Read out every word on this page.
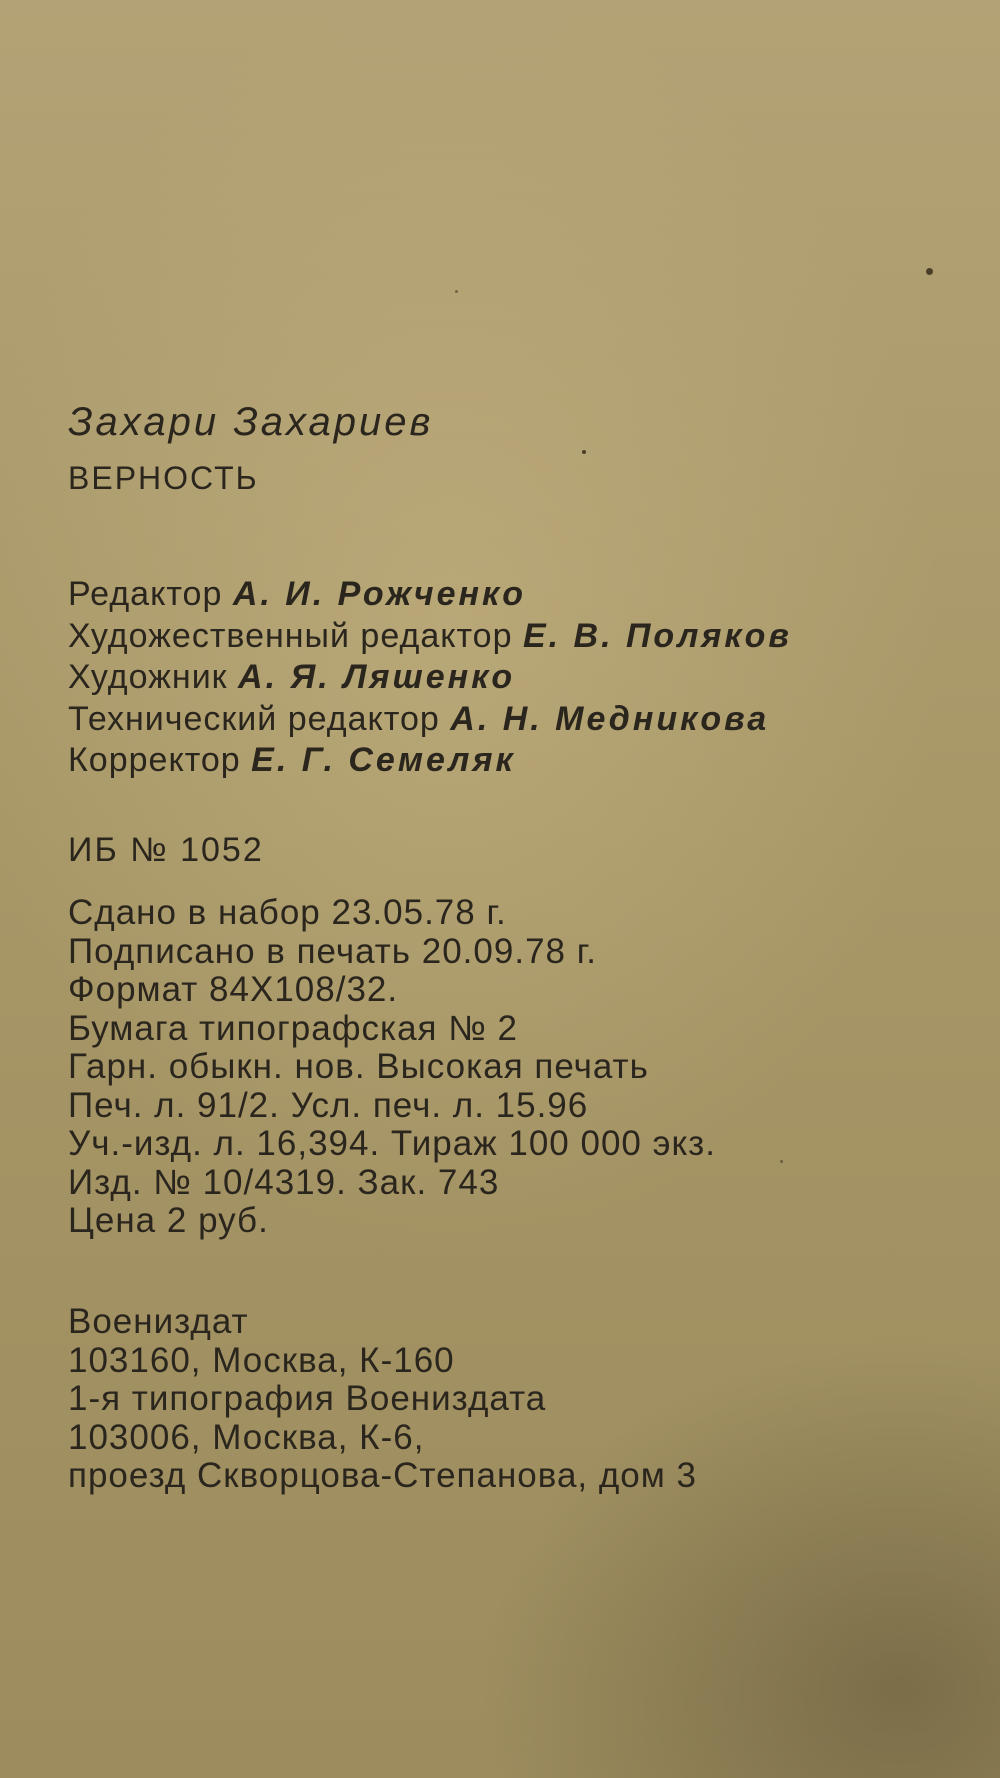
Захари Захариев
ВЕРНОСТЬ
Редактор А. И. Рожченко
Художественный редактор Е. В. Поляков
Художник А. Я. Ляшенко
Технический редактор А. Н. Медникова
Корректор Е. Г. Семеляк
ИБ № 1052
Сдано в набор 23.05.78 г.
Подписано в печать 20.09.78 г.
Формат 84X108/32.
Бумага типографская № 2
Гарн. обыкн. нов. Высокая печать
Печ. л. 91/2. Усл. печ. л. 15.96
Уч.-изд. л. 16,394. Тираж 100 000 экз.
Изд. № 10/4319. Зак. 743
Цена 2 руб.
Воениздат
103160, Москва, К-160
1-я типография Воениздата
103006, Москва, К-6,
проезд Скворцова-Степанова, дом 3
